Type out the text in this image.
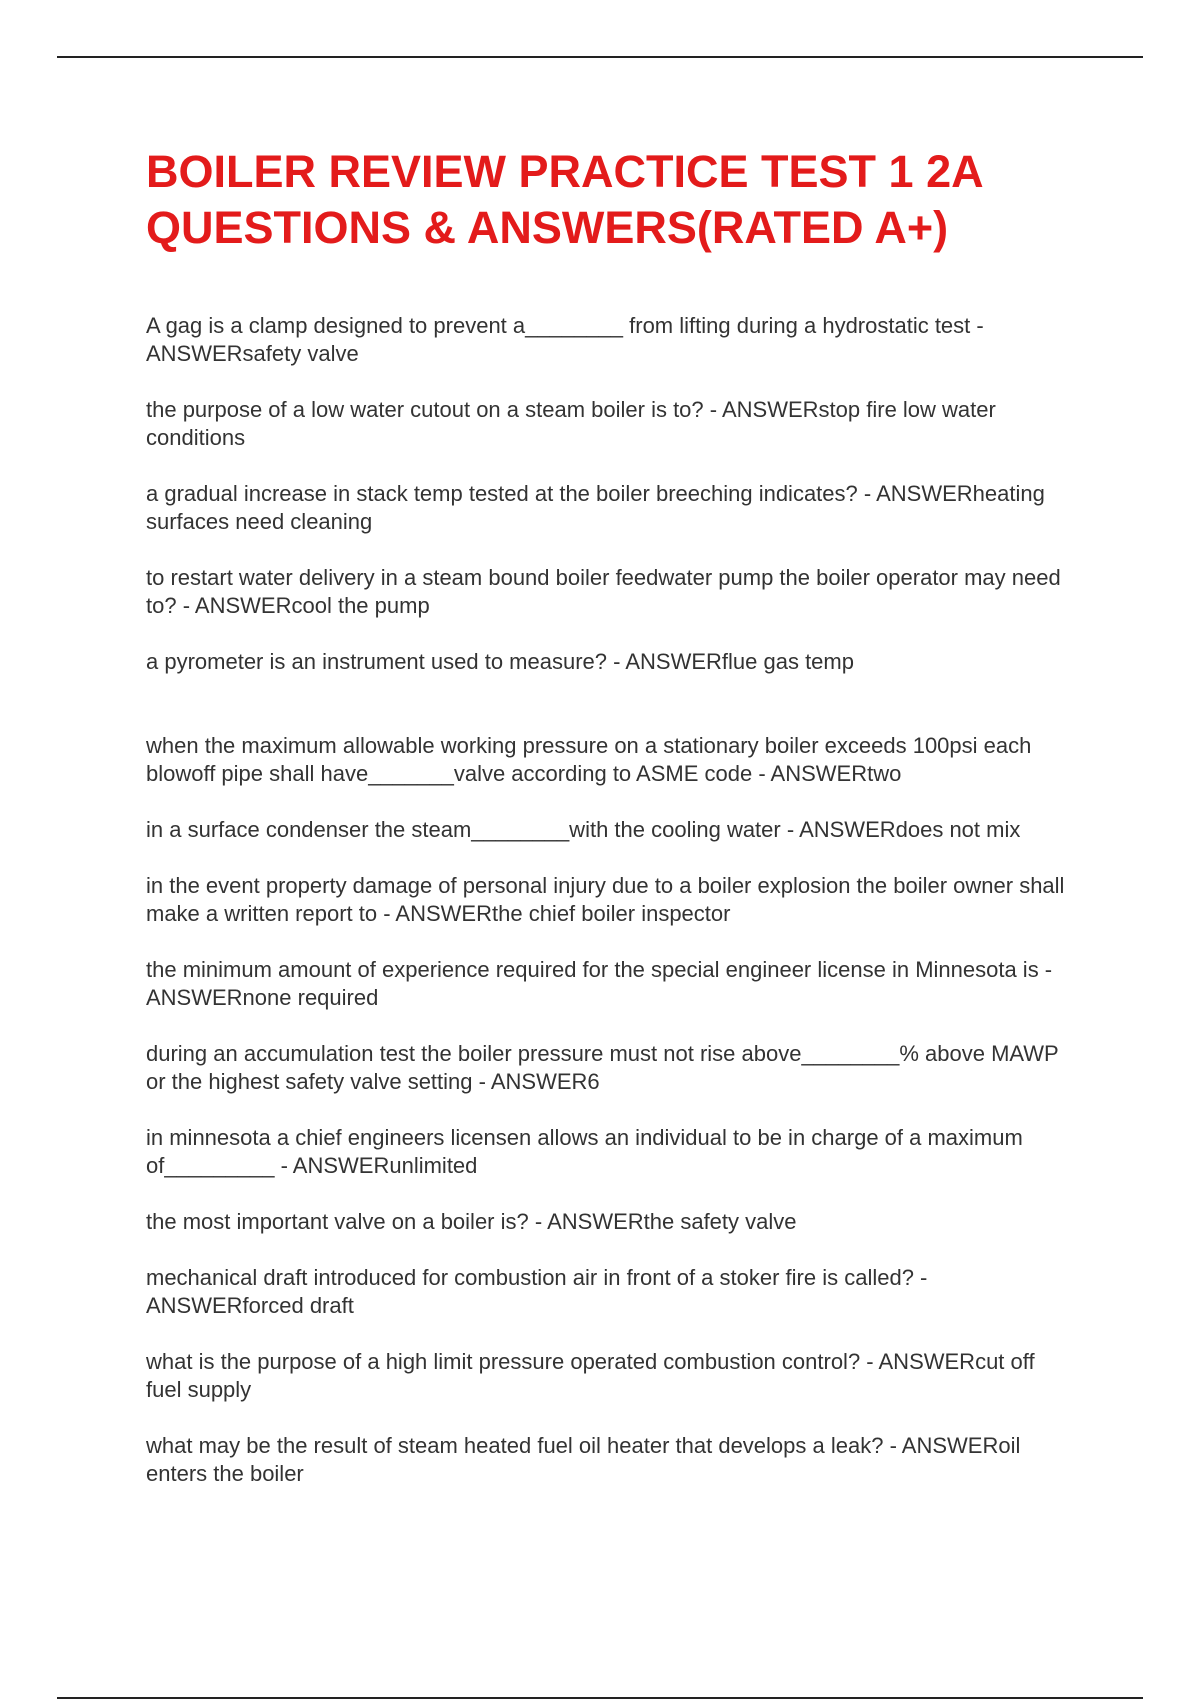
BOILER REVIEW PRACTICE TEST 1 2A QUESTIONS & ANSWERS(RATED A+)
A gag is a clamp designed to prevent a________ from lifting during a hydrostatic test - ANSWERsafety valve
the purpose of a low water cutout on a steam boiler is to? - ANSWERstop fire low water conditions
a gradual increase in stack temp tested at the boiler breeching indicates? - ANSWERheating surfaces need cleaning
to restart water delivery in a steam bound boiler feedwater pump the boiler operator may need to? - ANSWERcool the pump
a pyrometer is an instrument used to measure? - ANSWERflue gas temp
when the maximum allowable working pressure on a stationary boiler exceeds 100psi each blowoff pipe shall have_______valve according to ASME code - ANSWERtwo
in a surface condenser the steam________with the cooling water - ANSWERdoes not mix
in the event property damage of personal injury due to a boiler explosion the boiler owner shall make a written report to - ANSWERthe chief boiler inspector
the minimum amount of experience required for the special engineer license in Minnesota is - ANSWERnone required
during an accumulation test the boiler pressure must not rise above________% above MAWP or the highest safety valve setting - ANSWER6
in minnesota a chief engineers licensen allows an individual to be in charge of a maximum of_________ - ANSWERunlimited
the most important valve on a boiler is? - ANSWERthe safety valve
mechanical draft introduced for combustion air in front of a stoker fire is called? - ANSWERforced draft
what is the purpose of a high limit pressure operated combustion control? - ANSWERcut off fuel supply
what may be the result of steam heated fuel oil heater that develops a leak? - ANSWERoil enters the boiler
